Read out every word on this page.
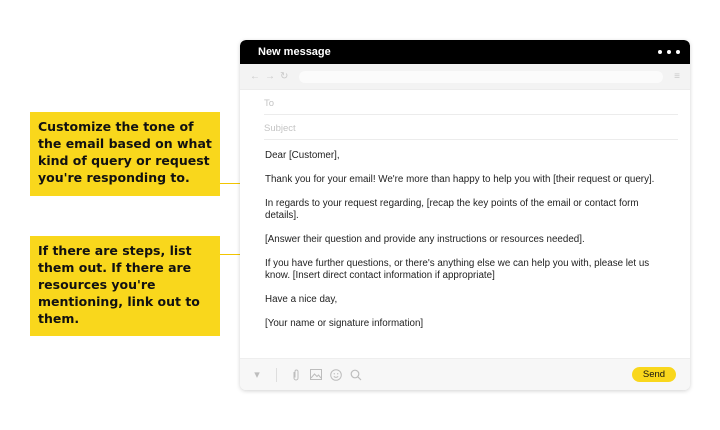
Customize the tone of the email based on what kind of query or request you're responding to.
If there are steps, list them out. If there are resources you're mentioning, link out to them.
New message
← → ↻	≡
To
Subject

Dear [Customer],

Thank you for your email! We're more than happy to help you with [their request or query].

In regards to your request regarding, [recap the key points of the email or contact form details].

[Answer their question and provide any instructions or resources needed].

If you have further questions, or there's anything else we can help you with, please let us know. [Insert direct contact information if appropriate]

Have a nice day,

[Your name or signature information]

▾	Send
